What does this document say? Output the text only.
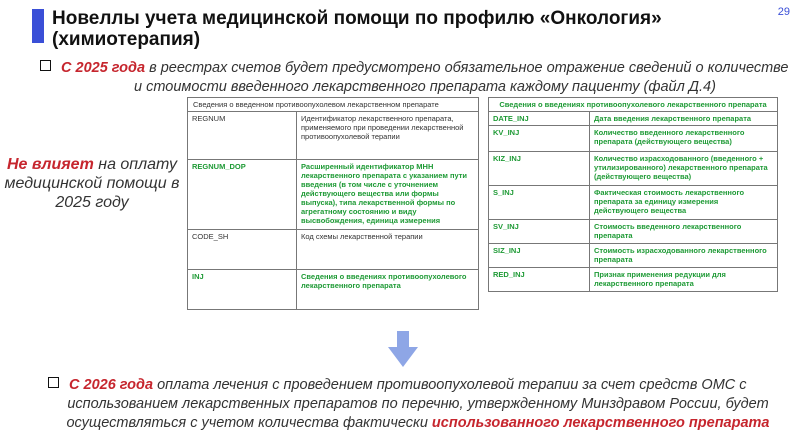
Новеллы учета медицинской помощи по профилю «Онкология» (химиотерапия)
29
С 2025 года в реестрах счетов будет предусмотрено обязательное отражение сведений о количестве
и стоимости введенного лекарственного препарата каждому пациенту (файл Д.4)
Не влияет на оплату медицинской помощи в 2025 году
Сведения о введенном противоопухолевом лекарственном препарате	
REGNUM	Идентификатор лекарственного препарата, применяемого при проведении лекарственной противоопухолевой терапии
REGNUM_DOP	Расширенный идентификатор МНН лекарственного препарата с указанием пути введения (в том числе с уточнением действующего вещества или формы выпуска), типа лекарственной формы по агрегатному состоянию и виду высвобождения, единица измерения
CODE_SH	Код схемы лекарственной терапии
INJ	Сведения о введениях противоопухолевого лекарственного препарата
Сведения о введениях противоопухолевого лекарственного препарата	
DATE_INJ	Дата введения лекарственного препарата
KV_INJ	Количество введенного лекарственного препарата (действующего вещества)
KIZ_INJ	Количество израсходованного (введенного + утилизированного) лекарственного препарата (действующего вещества)
S_INJ	Фактическая стоимость лекарственного препарата за единицу измерения действующего вещества
SV_INJ	Стоимость введенного лекарственного препарата
SIZ_INJ	Стоимость израсходованного лекарственного препарата
RED_INJ	Признак применения редукции для лекарственного препарата
С 2026 года оплата лечения с проведением противоопухолевой терапии за счет средств ОМС с
использованием лекарственных препаратов по перечню, утвержденному Минздравом России, будет
осуществляться с учетом количества фактически использованного лекарственного препарата
